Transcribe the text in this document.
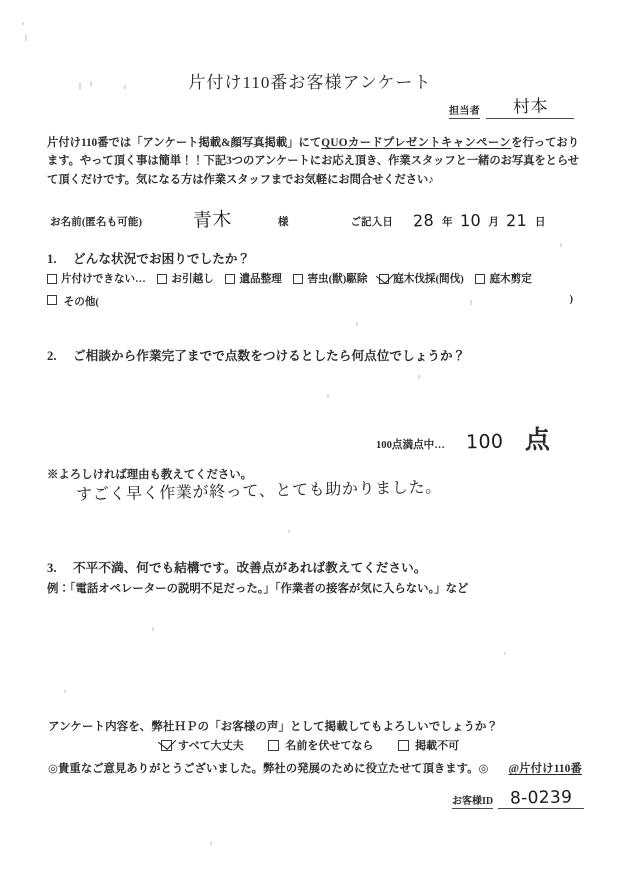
片付け110番お客様アンケート
担当者	村本
片付け110番では「アンケート掲載&顔写真掲載」にてQUOカードプレゼントキャンペーンを行っております。やって頂く事は簡単！！下記3つのアンケートにお応え頂き、作業スタッフと一緒のお写真をとらせて頂くだけです。気になる方は作業スタッフまでお気軽にお問合せください♪
お名前(匿名も可能)	青木	様	ご記入日 28 年 10 月 21 日
1. どんな状況でお困りでしたか？
片付けできない…
お引越し
遺品整理
害虫(獣)駆除
庭木伐採(間伐)
庭木剪定
その他(	)
2. ご相談から作業完了までで点数をつけるとしたら何点位でしょうか？
100点満点中… 100 点
※よろしければ理由も教えてください。
すごく早く作業が終って、とても助かりました。
3. 不平不満、何でも結構です。改善点があれば教えてください。
例：「電話オペレーターの説明不足だった。」「作業者の接客が気に入らない。」など
アンケート内容を、弊社ＨＰの「お客様の声」として掲載してもよろしいでしょうか？
すべて大丈夫
	名前を伏せてなら
	掲載不可
◎貴重なご意見ありがとうございました。弊社の発展のために役立たせて頂きます。◎ @片付け110番
お客様ID 8-0239
